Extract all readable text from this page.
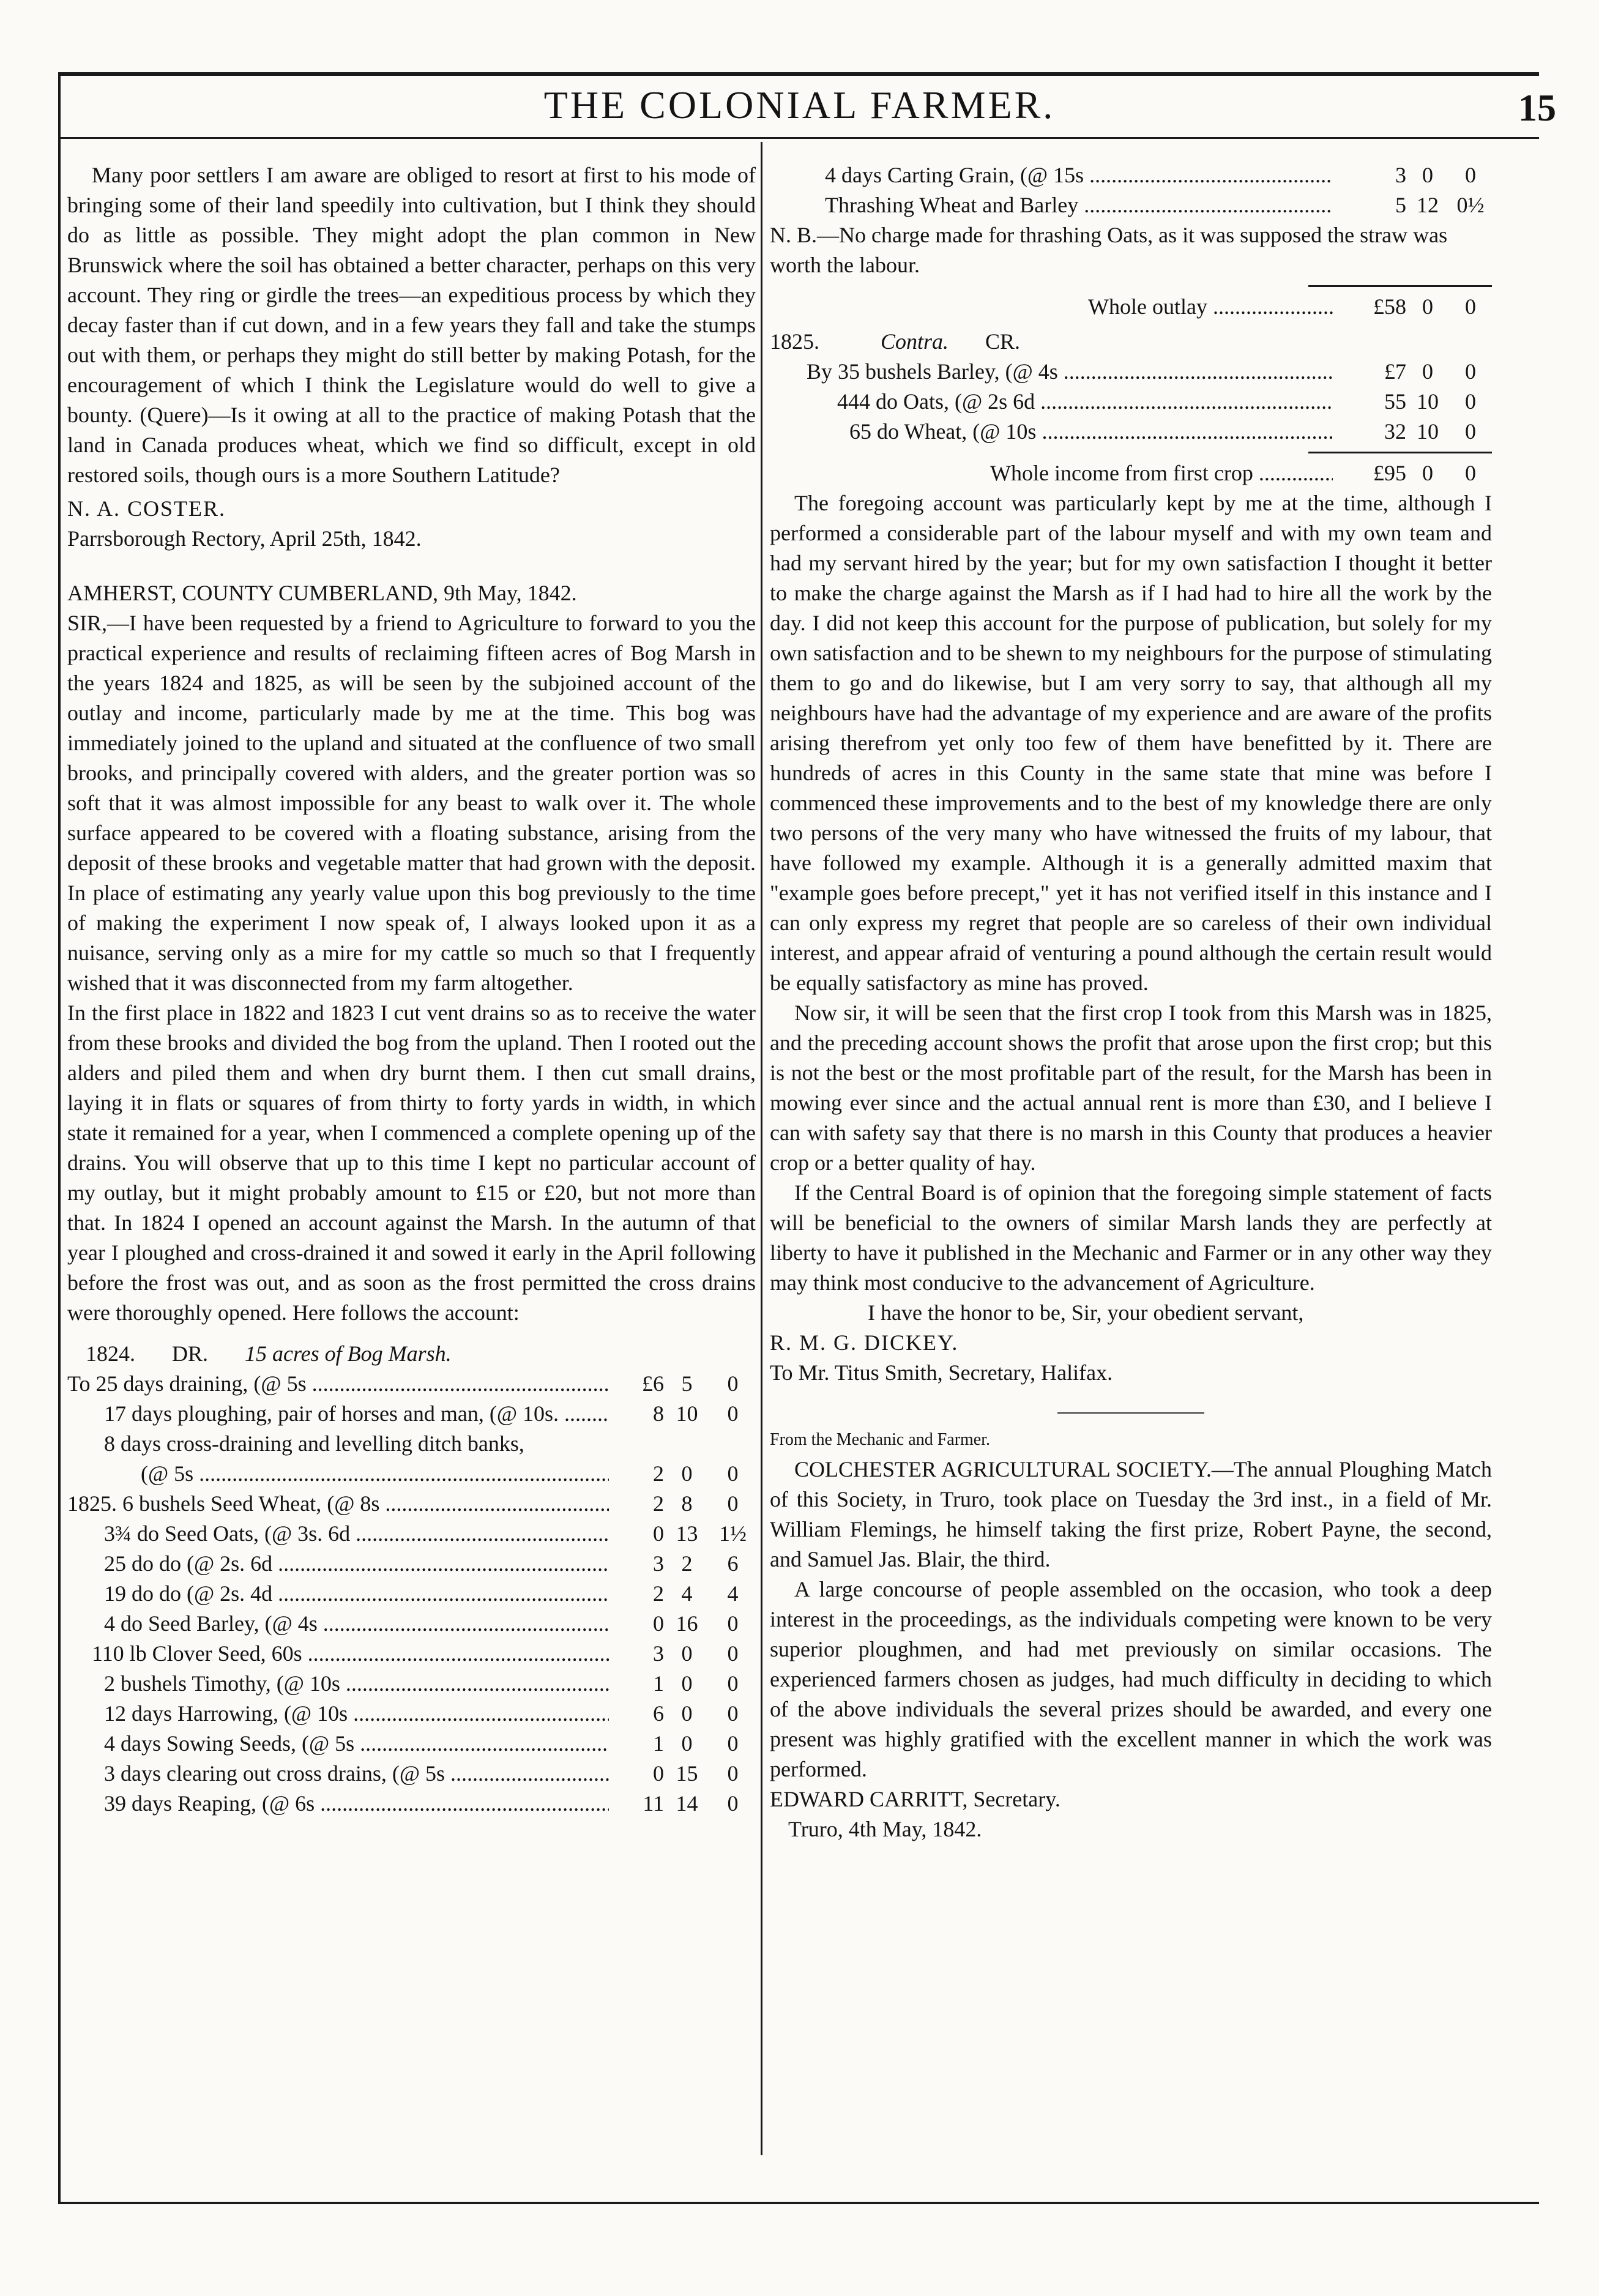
THE COLONIAL FARMER.	15

Many poor settlers I am aware are obliged to resort at first to his mode of bringing some of their land speedily into cultivation, but I think they should do as little as possible. They might adopt the plan common in New Brunswick where the soil has obtained a better character, perhaps on this very account. They ring or girdle the trees—an expeditious process by which they decay faster than if cut down, and in a few years they fall and take the stumps out with them, or perhaps they might do still better by making Potash, for the encouragement of which I think the Legislature would do well to give a bounty. (Quere)—Is it owing at all to the practice of making Potash that the land in Canada produces wheat, which we find so difficult, except in old restored soils, though ours is a more Southern Latitude?

N. A. COSTER.

Parrsborough Rectory, April 25th, 1842.

AMHERST, COUNTY CUMBERLAND, 9th May, 1842.

SIR,—I have been requested by a friend to Agriculture to forward to you the practical experience and results of reclaiming fifteen acres of Bog Marsh in the years 1824 and 1825, as will be seen by the subjoined account of the outlay and income, particularly made by me at the time. This bog was immediately joined to the upland and situated at the confluence of two small brooks, and principally covered with alders, and the greater portion was so soft that it was almost impossible for any beast to walk over it. The whole surface appeared to be covered with a floating substance, arising from the deposit of these brooks and vegetable matter that had grown with the deposit. In place of estimating any yearly value upon this bog previously to the time of making the experiment I now speak of, I always looked upon it as a nuisance, serving only as a mire for my cattle so much so that I frequently wished that it was disconnected from my farm altogether.

In the first place in 1822 and 1823 I cut vent drains so as to receive the water from these brooks and divided the bog from the upland. Then I rooted out the alders and piled them and when dry burnt them. I then cut small drains, laying it in flats or squares of from thirty to forty yards in width, in which state it remained for a year, when I commenced a complete opening up of the drains. You will observe that up to this time I kept no particular account of my outlay, but it might probably amount to £15 or £20, but not more than that. In 1824 I opened an account against the Marsh. In the autumn of that year I ploughed and cross-drained it and sowed it early in the April following before the frost was out, and as soon as the frost permitted the cross drains were thoroughly opened. Here follows the account:

1824. DR. 15 acres of Bog Marsh.
To 25 days draining, (@ 5s .....	£6 5	0
17 days ploughing, pair of horses and man, (@ 10s. .....	8 10	0
8 days cross-draining and levelling ditch banks,
(@ 5s .....	2 0	0
1825. 6 bushels Seed Wheat, (@ 8s .....	2 8	0
3¾ do Seed Oats, (@ 3s. 6d .....	0 13 1½
25 do do (@ 2s. 6d .....	3 2	6
19 do do (@ 2s. 4d .....	2 4	4
4 do Seed Barley, (@ 4s .....	0 16	0
110 lb Clover Seed, 60s .....	3 0	0
2 bushels Timothy, (@ 10s .....	1 0	0
12 days Harrowing, (@ 10s .....	6 0	0
4 days Sowing Seeds, (@ 5s .....	1 0	0
3 days clearing out cross drains, (@ 5s .....	0 15	0
39 days Reaping, (@ 6s .....	11 14	0
4 days Carting Grain, (@ 15s .....	3 0	0
Thrashing Wheat and Barley .....	5 12 0½

N. B.—No charge made for thrashing Oats, as it was supposed the straw was worth the labour.

Whole outlay .....	£58 0	0
1825.	Contra. CR.
By 35 bushels Barley, (@ 4s .....	£7 0	0
444 do Oats, (@ 2s 6d .....	55 10	0
65 do Wheat, (@ 10s .....	32 10	0
Whole income from first crop .....	£95 0	0

The foregoing account was particularly kept by me at the time, although I performed a considerable part of the labour myself and with my own team and had my servant hired by the year; but for my own satisfaction I thought it better to make the charge against the Marsh as if I had had to hire all the work by the day. I did not keep this account for the purpose of publication, but solely for my own satisfaction and to be shewn to my neighbours for the purpose of stimulating them to go and do likewise, but I am very sorry to say, that although all my neighbours have had the advantage of my experience and are aware of the profits arising therefrom yet only too few of them have benefitted by it. There are hundreds of acres in this County in the same state that mine was before I commenced these improvements and to the best of my knowledge there are only two persons of the very many who have witnessed the fruits of my labour, that have followed my example. Although it is a generally admitted maxim that "example goes before precept," yet it has not verified itself in this instance and I can only express my regret that people are so careless of their own individual interest, and appear afraid of venturing a pound although the certain result would be equally satisfactory as mine has proved.

Now sir, it will be seen that the first crop I took from this Marsh was in 1825, and the preceding account shows the profit that arose upon the first crop; but this is not the best or the most profitable part of the result, for the Marsh has been in mowing ever since and the actual annual rent is more than £30, and I believe I can with safety say that there is no marsh in this County that produces a heavier crop or a better quality of hay.

If the Central Board is of opinion that the foregoing simple statement of facts will be beneficial to the owners of similar Marsh lands they are perfectly at liberty to have it published in the Mechanic and Farmer or in any other way they may think most conducive to the advancement of Agriculture.

I have the honor to be, Sir, your obedient servant,

R. M. G. DICKEY.

To Mr. Titus Smith, Secretary, Halifax.

From the Mechanic and Farmer.

COLCHESTER AGRICULTURAL SOCIETY.—The annual Ploughing Match of this Society, in Truro, took place on Tuesday the 3rd inst., in a field of Mr. William Flemings, he himself taking the first prize, Robert Payne, the second, and Samuel Jas. Blair, the third.

A large concourse of people assembled on the occasion, who took a deep interest in the proceedings, as the individuals competing were known to be very superior ploughmen, and had met previously on similar occasions. The experienced farmers chosen as judges, had much difficulty in deciding to which of the above individuals the several prizes should be awarded, and every one present was highly gratified with the excellent manner in which the work was performed.

EDWARD CARRITT, Secretary.

Truro, 4th May, 1842.
